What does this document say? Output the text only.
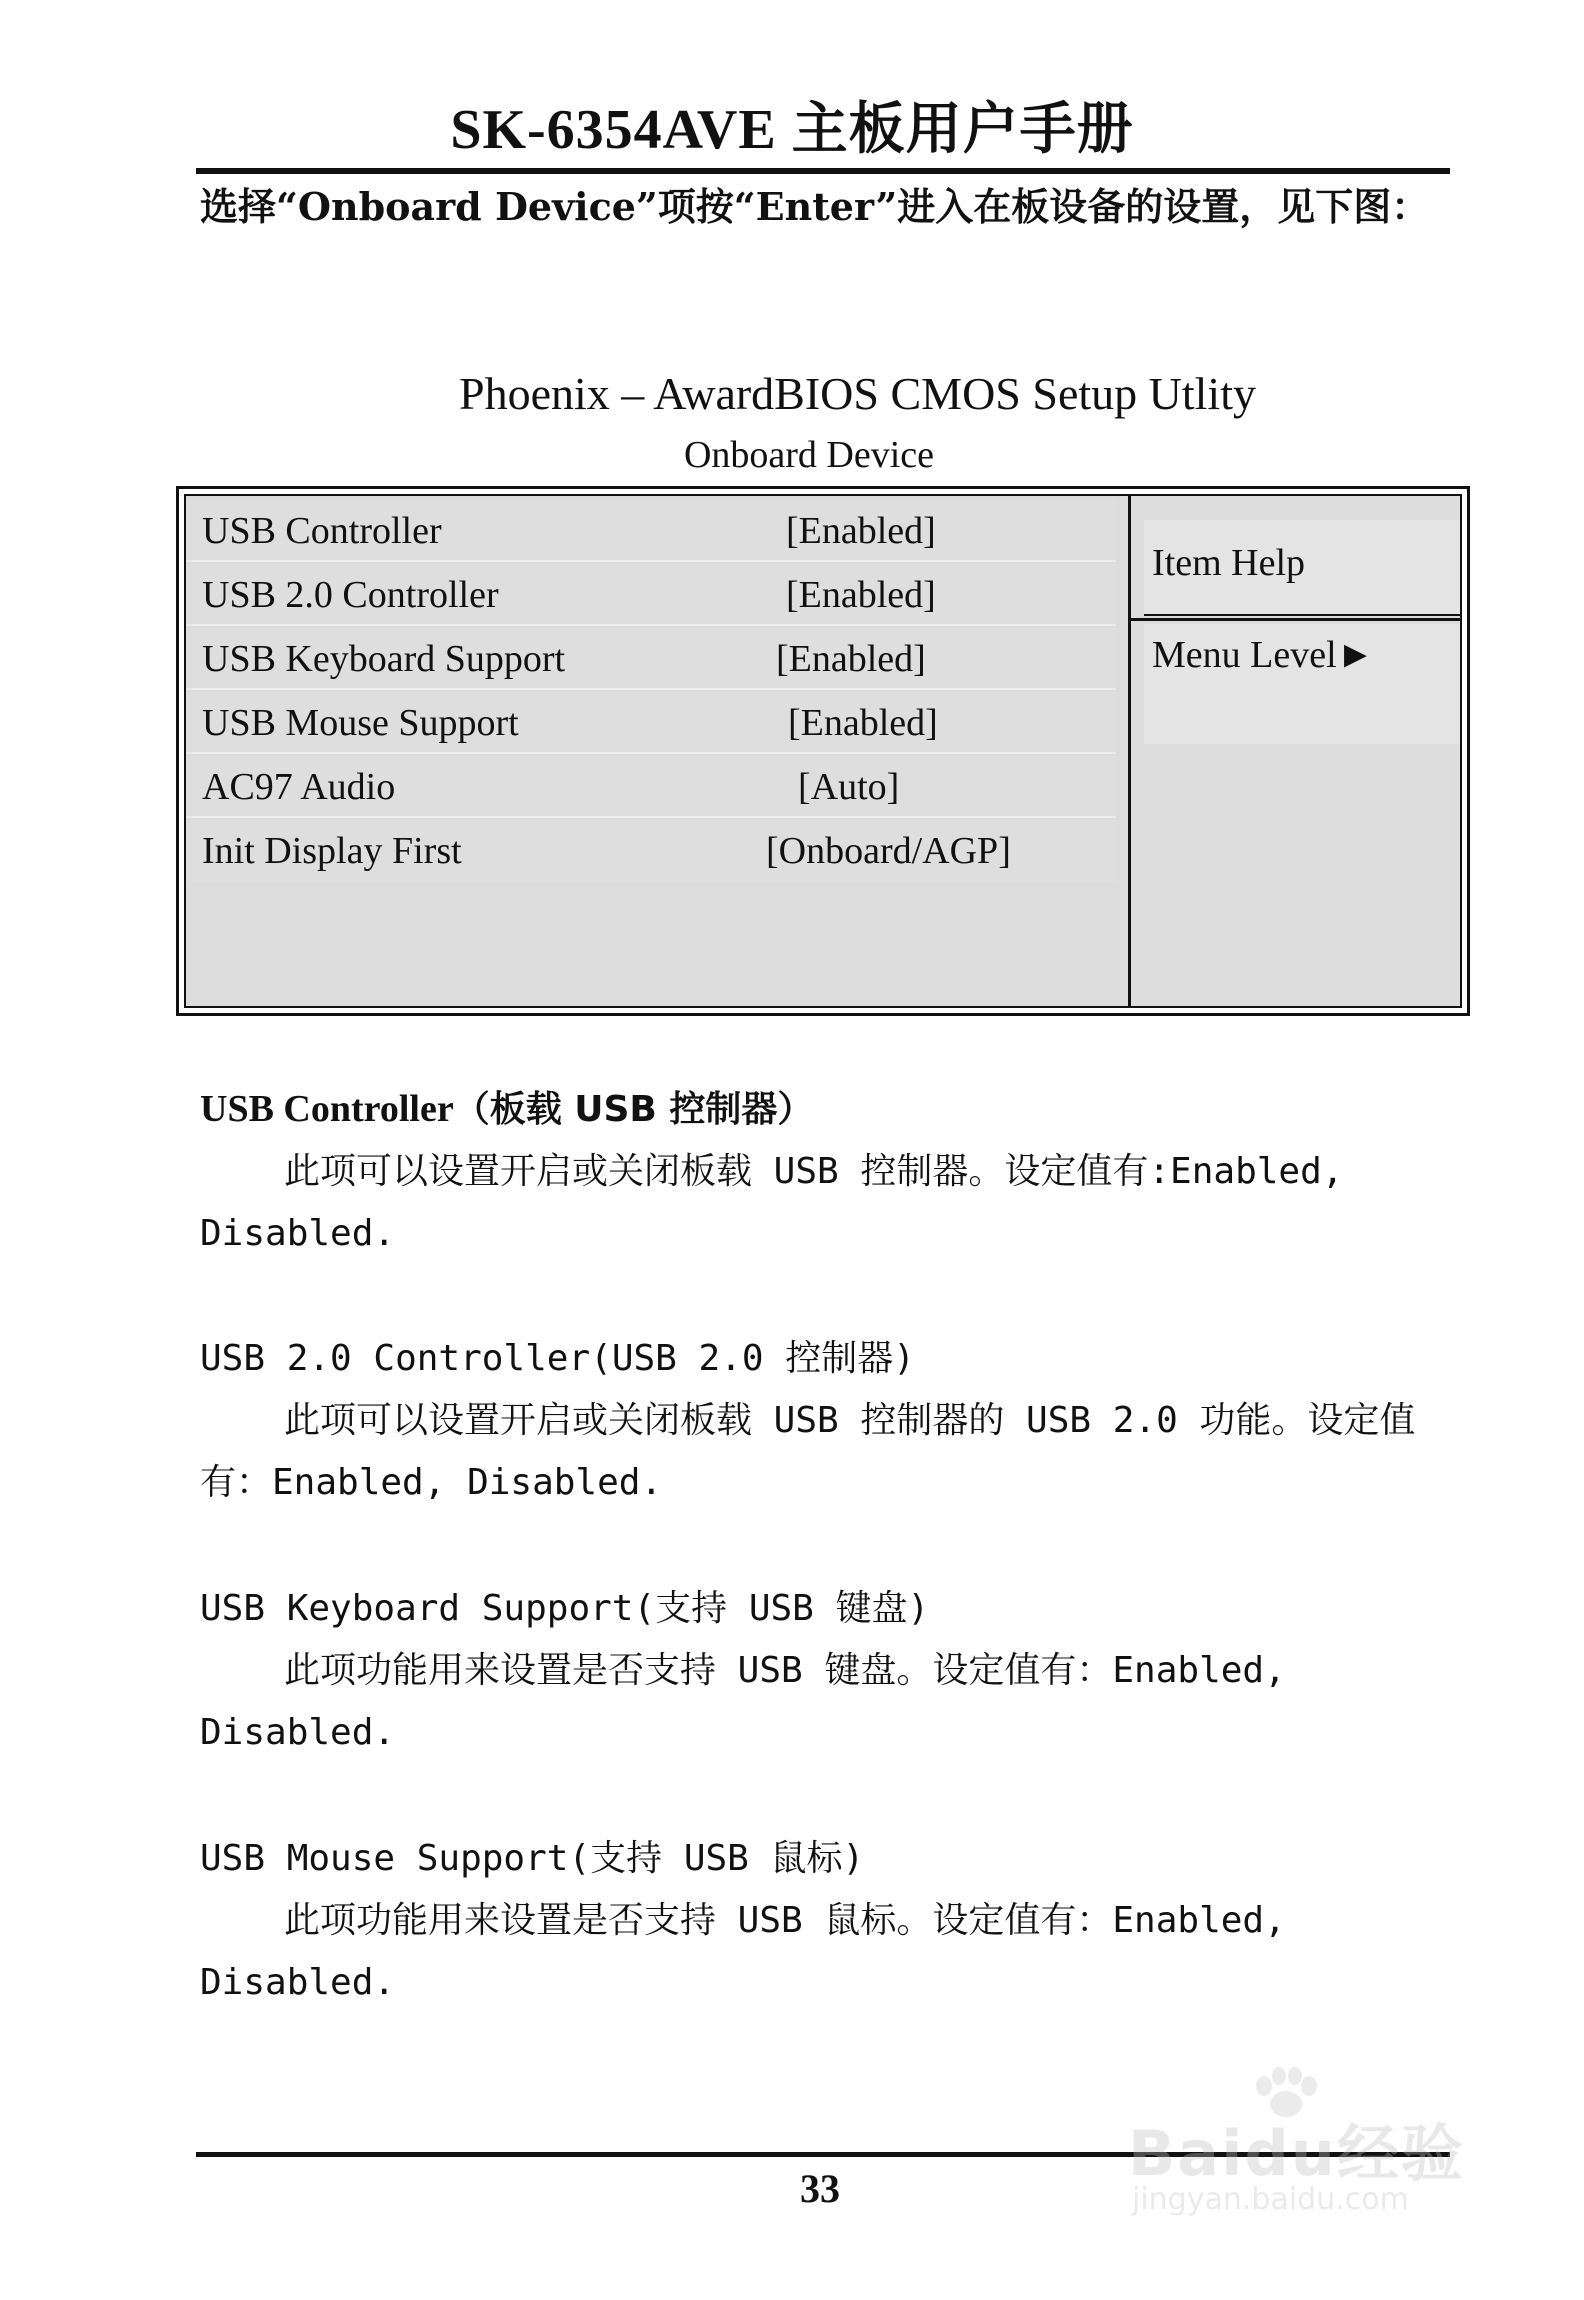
SK-6354AVE 主板用户手册
选择“Onboard Device”项按“Enter”进入在板设备的设置，见下图：
Phoenix – AwardBIOS CMOS Setup Utlity
Onboard Device
USB Controller	[Enabled]
USB 2.0 Controller	[Enabled]
USB Keyboard Support	[Enabled]
USB Mouse Support	[Enabled]
AC97 Audio	[Auto]
Init Display First	[Onboard/AGP]
Item Help
Menu Level►
USB Controller（板载 USB 控制器）
此项可以设置开启或关闭板载 USB 控制器。设定值有:Enabled, Disabled.
USB 2.0 Controller(USB 2.0 控制器)
此项可以设置开启或关闭板载 USB 控制器的 USB 2.0 功能。设定值有：Enabled, Disabled.
USB Keyboard Support(支持 USB 键盘)
此项功能用来设置是否支持 USB 键盘。设定值有：Enabled, Disabled.
USB Mouse Support(支持 USB 鼠标)
此项功能用来设置是否支持 USB 鼠标。设定值有：Enabled, Disabled.
33	Baidu经验
jingyan.baidu.com
